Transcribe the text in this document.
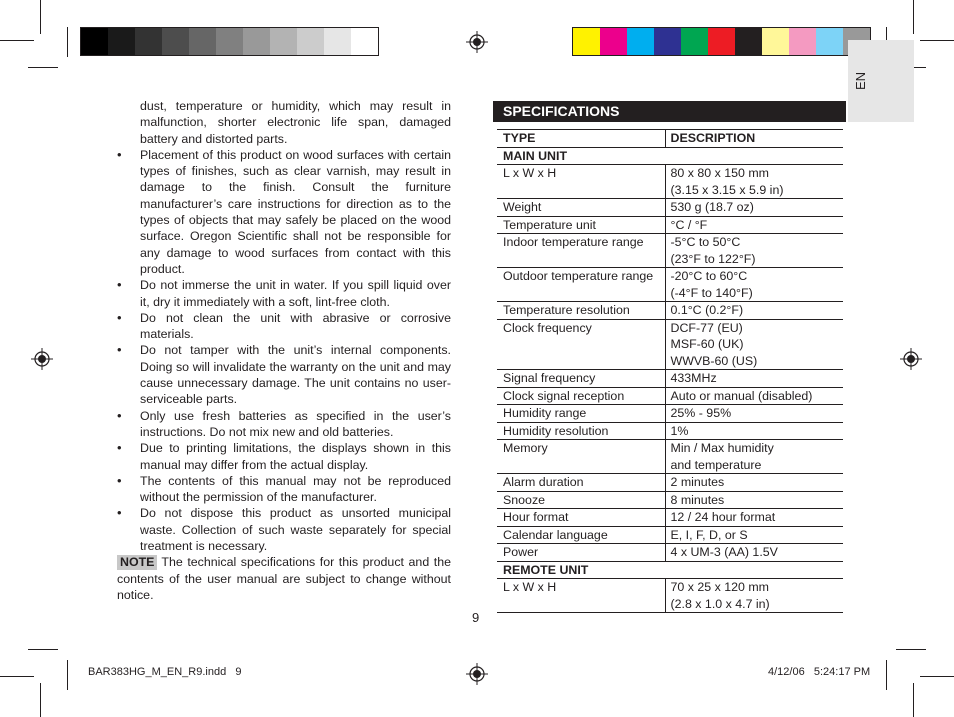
EN

dust, temperature or humidity, which may result in malfunction, shorter electronic life span, damaged battery and distorted parts.

• Placement of this product on wood surfaces with certain types of finishes, such as clear varnish, may result in damage to the finish. Consult the furniture manufacturer’s care instructions for direction as to the types of objects that may safely be placed on the wood surface. Oregon Scientific shall not be responsible for any damage to wood surfaces from contact with this product.
• Do not immerse the unit in water. If you spill liquid over it, dry it immediately with a soft, lint-free cloth.
• Do not clean the unit with abrasive or corrosive materials.
• Do not tamper with the unit’s internal components. Doing so will invalidate the warranty on the unit and may cause unnecessary damage. The unit contains no user-serviceable parts.
• Only use fresh batteries as specified in the user’s instructions. Do not mix new and old batteries.
• Due to printing limitations, the displays shown in this manual may differ from the actual display.
• The contents of this manual may not be reproduced without the permission of the manufacturer.
• Do not dispose this product as unsorted municipal waste. Collection of such waste separately for special treatment is necessary.

NOTE The technical specifications for this product and the contents of the user manual are subject to change without notice.

SPECIFICATIONS
TYPE	DESCRIPTION
MAIN UNIT	
L x W x H	80 x 80 x 150 mm
(3.15 x 3.15 x 5.9 in)

Weight	530 g (18.7 oz)

Temperature unit	°C / °F

Indoor temperature range	-5°C to 50°C
(23°F to 122°F)

Outdoor temperature range	-20°C to 60°C
(-4°F to 140°F)

Temperature resolution	0.1°C (0.2°F)

Clock frequency	DCF-77 (EU)
MSF-60 (UK)
WWVB-60 (US)

Signal frequency	433MHz

Clock signal reception	Auto or manual (disabled)

Humidity range	25% - 95%

Humidity resolution	1%

Memory	Min / Max humidity
and temperature

Alarm duration	2 minutes

Snooze	8 minutes

Hour format	12 / 24 hour format

Calendar language	E, I, F, D, or S

Power	4 x UM-3 (AA) 1.5V

REMOTE UNIT	
L x W x H	70 x 25 x 120 mm
(2.8 x 1.0 x 4.7 in)
9
BAR383HG_M_EN_R9.indd   9	4/12/06   5:24:17 PM
